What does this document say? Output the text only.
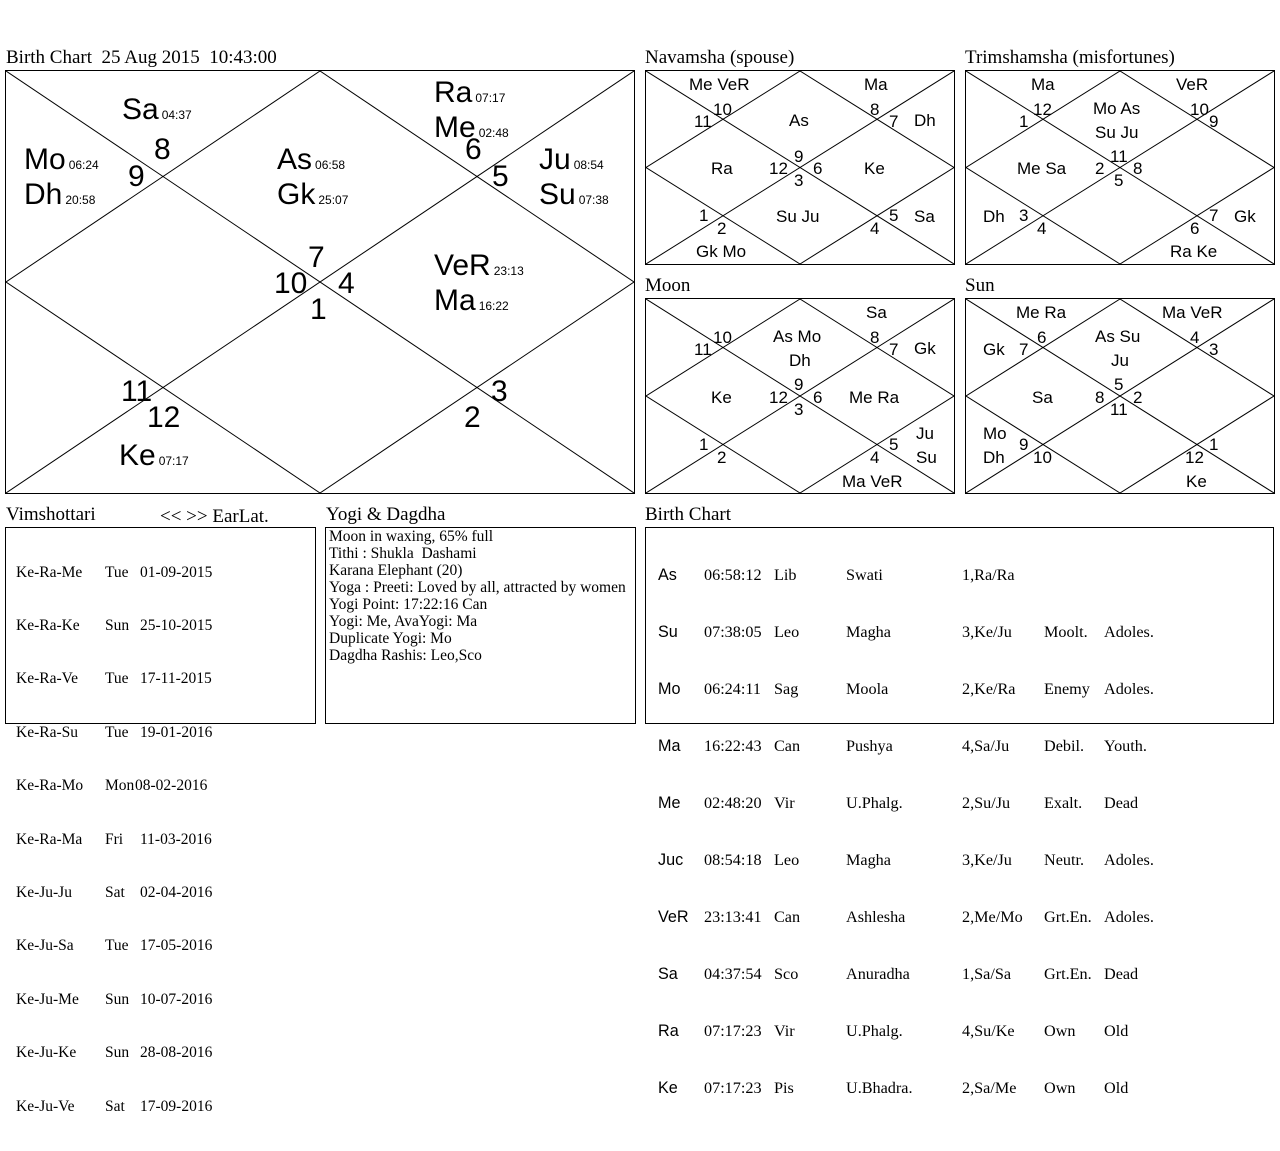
Birth Chart  25 Aug 2015  10:43:00
8
9
6
5
7
10 4
1
11
12
3
2
Sa 04:37
Mo 06:24
Dh 20:58
As 06:58
Gk 25:07
Ra 07:17
Me 02:48
Ju 08:54
Su 07:38
VeR 23:13
Ma 16:22
Ke 07:17
Navamsha (spouse)
10
11
8
7
9
12 6
3
1
2
5
4
Me VeR	Ma
As	Dh
Ra	Ke
Su Ju	Sa
Gk Mo
Trimshamsha (misfortunes)
12
1
10
9
11
2 8
5
3
4
7
6
Ma	VeR
Mo As
Su Ju
Me Sa
Dh	Gk
Ra Ke
Moon
10
11
8
7
9
12 6
3
1
2
5
4
Sa
As Mo
Dh
Gk
Ke	Me Ra
Ju
Su
Ma VeR
Sun
6
7
4
3
5
8 2
11
9
10
1
12
Me Ra	Ma VeR
Gk
As Su
Ju
Sa
Mo
Dh
Ke
Vimshottari	<< >> EarLat.

Ke-Ra-Me Tue 01-09-2015

Ke-Ra-Ke Sun 25-10-2015

Ke-Ra-Ve Tue 17-11-2015

Ke-Ra-Su Tue 19-01-2016

Ke-Ra-Mo Mon 08-02-2016

Ke-Ra-Ma Fri 11-03-2016

Ke-Ju-Ju Sat 02-04-2016

Ke-Ju-Sa Tue 17-05-2016

Ke-Ju-Me Sun 10-07-2016

Ke-Ju-Ke Sun 28-08-2016

Ke-Ju-Ve Sat 17-09-2016

Yogi & Dagdha
Moon in waxing, 65% full
Tithi : Shukla  Dashami
Karana Elephant (20)
Yoga : Preeti: Loved by all, attracted by women
Yogi Point: 17:22:16 Can
Yogi: Me, AvaYogi: Ma
Duplicate Yogi: Mo
Dagdha Rashis: Leo,Sco
Birth Chart

As 06:58:12 Lib	Swati	1,Ra/Ra

Su 07:38:05 Leo	Magha	3,Ke/Ju Moolt. Adoles.

Mo 06:24:11 Sag	Moola	2,Ke/Ra Enemy Adoles.

Ma 16:22:43 Can	Pushya	4,Sa/Ju Debil. Youth.

Me 02:48:20 Vir	U.Phalg.	2,Su/Ju Exalt. Dead

Juc 08:54:18 Leo	Magha	3,Ke/Ju Neutr. Adoles.

VeR 23:13:41 Can	Ashlesha	2,Me/Mo Grt.En. Adoles.

Sa 04:37:54 Sco	Anuradha	1,Sa/Sa Grt.En. Dead

Ra 07:17:23 Vir	U.Phalg.	4,Su/Ke Own Old

Ke 07:17:23 Pis	U.Bhadra.	2,Sa/Me Own Old
